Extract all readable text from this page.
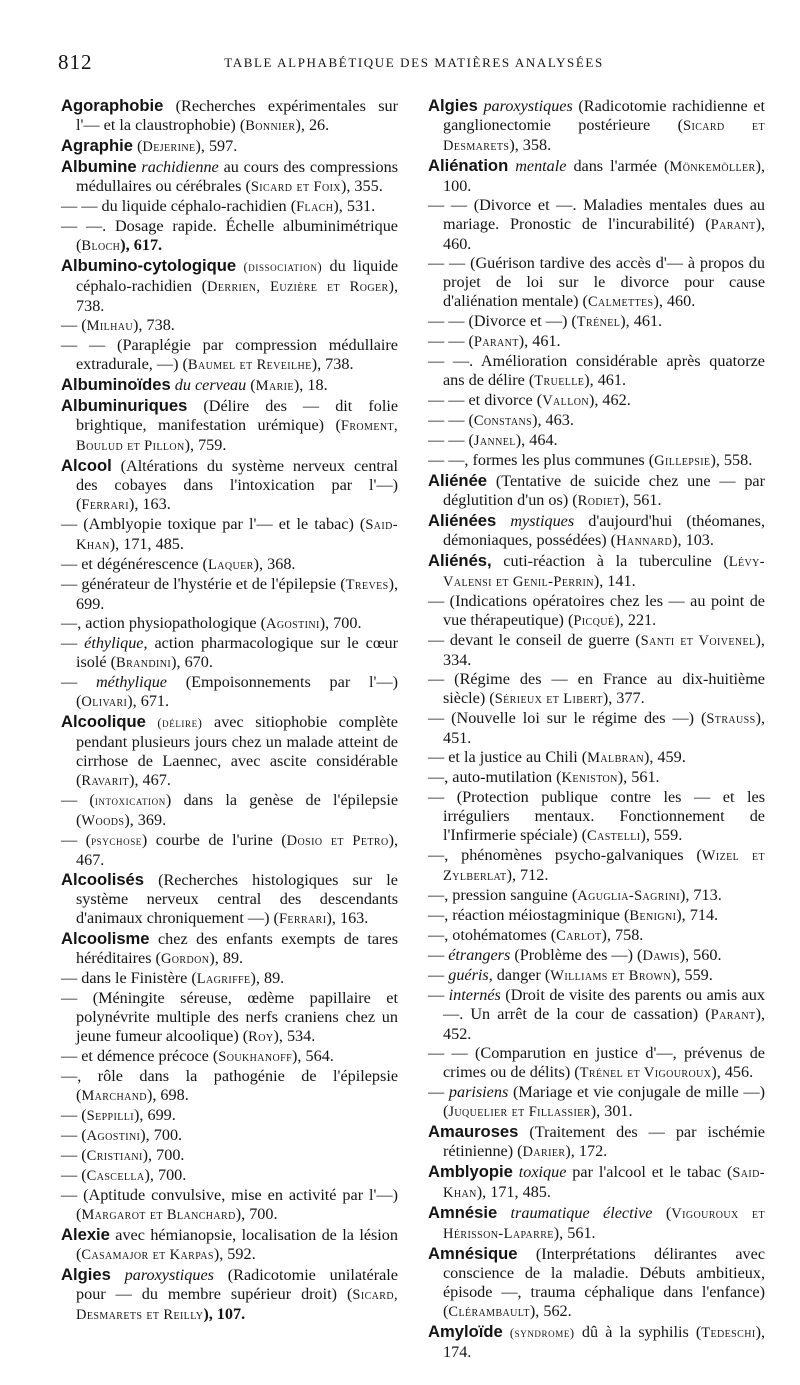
812	TABLE ALPHABÉTIQUE DES MATIÈRES ANALYSÉES

Agoraphobie (Recherches expérimentales sur l'— et la claustrophobie) (Bonnier), 26.

Agraphie (Dejerine), 597.

Albumine rachidienne au cours des compressions médullaires ou cérébrales (Sicard et Foix), 355.

— — du liquide céphalo-rachidien (Flach), 531.

— —. Dosage rapide. Échelle albuminimétrique (Bloch), 617.

Albumino-cytologique (dissociation) du liquide céphalo-rachidien (Derrien, Euzière et Roger), 738.

— (Milhau), 738.

— — (Paraplégie par compression médullaire extradurale, —) (Baumel et Reveilhe), 738.

Albuminoïdes du cerveau (Marie), 18.

Albuminuriques (Délire des — dit folie brightique, manifestation urémique) (Froment, Boulud et Pillon), 759.

Alcool (Altérations du système nerveux central des cobayes dans l'intoxication par l'—) (Ferrari), 163.

— (Amblyopie toxique par l'— et le tabac) (Said-Khan), 171, 485.

— et dégénérescence (Laquer), 368.

— générateur de l'hystérie et de l'épilepsie (Treves), 699.

—, action physiopathologique (Agostini), 700.

— éthylique, action pharmacologique sur le cœur isolé (Brandini), 670.

— méthylique (Empoisonnements par l'—) (Olivari), 671.

Alcoolique (délire) avec sitiophobie complète pendant plusieurs jours chez un malade atteint de cirrhose de Laennec, avec ascite considérable (Ravarit), 467.

— (intoxication) dans la genèse de l'épilepsie (Woods), 369.

— (psychose) courbe de l'urine (Dosio et Petro), 467.

Alcoolisés (Recherches histologiques sur le système nerveux central des descendants d'animaux chroniquement —) (Ferrari), 163.

Alcoolisme chez des enfants exempts de tares héréditaires (Gordon), 89.

— dans le Finistère (Lagriffe), 89.

— (Méningite séreuse, œdème papillaire et polynévrite multiple des nerfs craniens chez un jeune fumeur alcoolique) (Roy), 534.

— et démence précoce (Soukhanoff), 564.

—, rôle dans la pathogénie de l'épilepsie (Marchand), 698.

— (Seppilli), 699.

— (Agostini), 700.

— (Cristiani), 700.

— (Cascella), 700.

— (Aptitude convulsive, mise en activité par l'—) (Margarot et Blanchard), 700.

Alexie avec hémianopsie, localisation de la lésion (Casamajor et Karpas), 592.

Algies paroxystiques (Radicotomie unilatérale pour — du membre supérieur droit) (Sicard, Desmarets et Reilly), 107.

Algies paroxystiques (Radicotomie rachidienne et ganglionectomie postérieure (Sicard et Desmarets), 358.

Aliénation mentale dans l'armée (Mönkemöller), 100.

— — (Divorce et —. Maladies mentales dues au mariage. Pronostic de l'incurabilité) (Parant), 460.

— — (Guérison tardive des accès d'— à propos du projet de loi sur le divorce pour cause d'aliénation mentale) (Calmettes), 460.

— — (Divorce et —) (Trénel), 461.

— — (Parant), 461.

— —. Amélioration considérable après quatorze ans de délire (Truelle), 461.

— — et divorce (Vallon), 462.

— — (Constans), 463.

— — (Jannel), 464.

— —, formes les plus communes (Gillepsie), 558.

Aliénée (Tentative de suicide chez une — par déglutition d'un os) (Rodiet), 561.

Aliénées mystiques d'aujourd'hui (théomanes, démoniaques, possédées) (Hannard), 103.

Aliénés, cuti-réaction à la tuberculine (Lévy-Valensi et Genil-Perrin), 141.

— (Indications opératoires chez les — au point de vue thérapeutique) (Picqué), 221.

— devant le conseil de guerre (Santi et Voivenel), 334.

— (Régime des — en France au dix-huitième siècle) (Sérieux et Libert), 377.

— (Nouvelle loi sur le régime des —) (Strauss), 451.

— et la justice au Chili (Malbran), 459.

—, auto-mutilation (Keniston), 561.

— (Protection publique contre les — et les irréguliers mentaux. Fonctionnement de l'Infirmerie spéciale) (Castelli), 559.

—, phénomènes psycho-galvaniques (Wizel et Zylberlat), 712.

—, pression sanguine (Aguglia-Sagrini), 713.

—, réaction méiostagminique (Benigni), 714.

—, otohématomes (Carlot), 758.

— étrangers (Problème des —) (Dawis), 560.

— guéris, danger (Williams et Brown), 559.

— internés (Droit de visite des parents ou amis aux —. Un arrêt de la cour de cassation) (Parant), 452.

— — (Comparution en justice d'—, prévenus de crimes ou de délits) (Trénel et Vigouroux), 456.

— parisiens (Mariage et vie conjugale de mille —) (Juquelier et Fillassier), 301.

Amauroses (Traitement des — par ischémie rétinienne) (Darier), 172.

Amblyopie toxique par l'alcool et le tabac (Said-Khan), 171, 485.

Amnésie traumatique élective (Vigouroux et Hérisson-Laparre), 561.

Amnésique (Interprétations délirantes avec conscience de la maladie. Débuts ambitieux, épisode —, trauma céphalique dans l'enfance) (Clérambault), 562.

Amyloïde (syndrome) dû à la syphilis (Tedeschi), 174.
